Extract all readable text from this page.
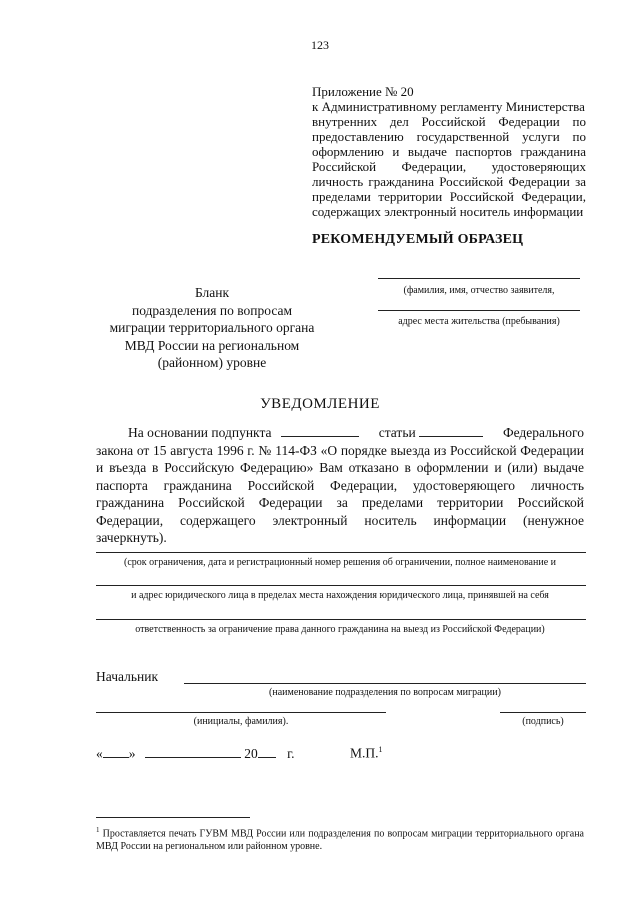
123
Приложение № 20
к Административному регламенту Министерства
внутренних дел Российской Федерации по
предоставлению государственной услуги по
оформлению и выдаче паспортов гражданина
Российской Федерации, удостоверяющих
личность гражданина Российской Федерации за
пределами территории Российской Федерации,
содержащих электронный носитель информации
РЕКОМЕНДУЕМЫЙ ОБРАЗЕЦ
Бланк
подразделения по вопросам
миграции территориального органа
МВД России на региональном
(районном) уровне
(фамилия, имя, отчество заявителя,
адрес места жительства (пребывания)
УВЕДОМЛЕНИЕ
На основании подпункта	статьи	Федерального
закона от 15 августа 1996 г. № 114-ФЗ «О порядке выезда из Российской Федерации и въезда в Российскую Федерацию» Вам отказано в оформлении и (или) выдаче паспорта гражданина Российской Федерации, удостоверяющего личность гражданина Российской Федерации за пределами территории Российской Федерации, содержащего электронный носитель информации (ненужное зачеркнуть).
(срок ограничения, дата и регистрационный номер решения об ограничении, полное наименование и
и адрес юридического лица в пределах места нахождения юридического лица, принявшей на себя
ответственность за ограничение права данного гражданина на выезд из Российской Федерации)
Начальник
(наименование подразделения по вопросам миграции)
(инициалы, фамилия).	(подпись)
« »	20 г.	М.П.$^1$
$^1$ Проставляется печать ГУВМ МВД России или подразделения по вопросам миграции территориального органа МВД России на региональном или районном уровне.
